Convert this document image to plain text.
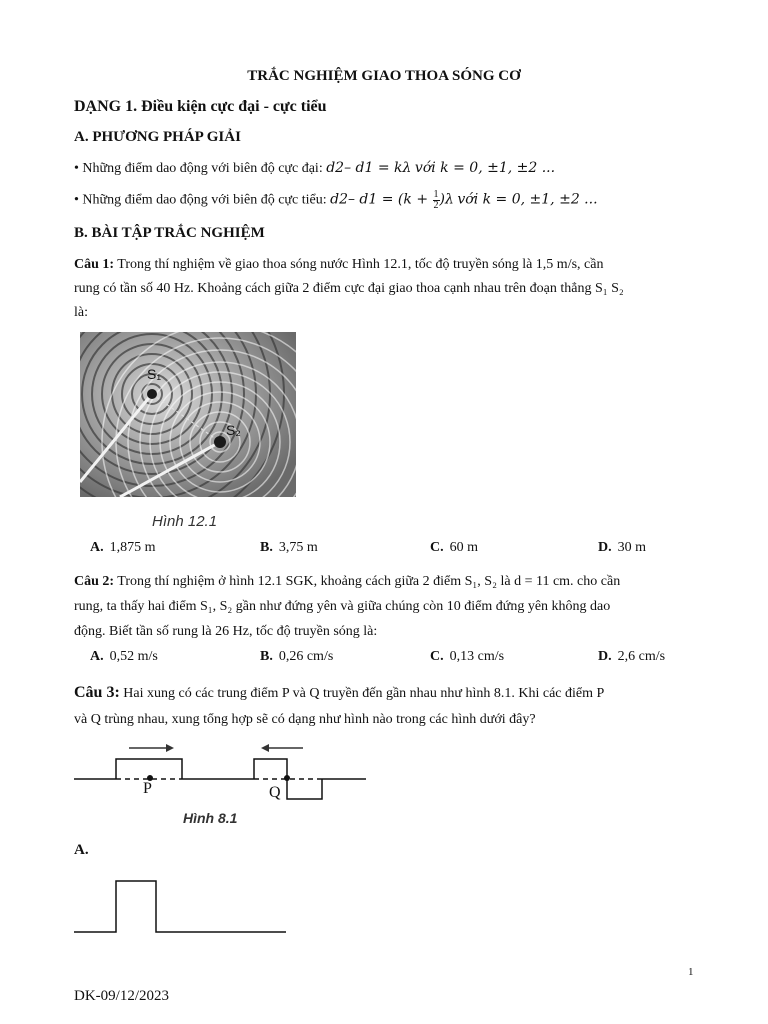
TRẮC NGHIỆM GIAO THOA SÓNG CƠ
DẠNG 1. Điều kiện cực đại - cực tiểu
A. PHƯƠNG PHÁP GIẢI
• Những điểm dao động với biên độ cực đại: d2– d1 = kλ với k = 0, ±1, ±2 ...
• Những điểm dao động với biên độ cực tiểu: d2– $d1 = (k + \frac{1}{2} )\lambda$ với k = 0, ±1, ±2 ...
B. BÀI TẬP TRẮC NGHIỆM
Câu 1: Trong thí nghiệm về giao thoa sóng nước Hình 12.1, tốc độ truyền sóng là 1,5 m/s, cần
rung có tần số 40 Hz. Khoảng cách giữa 2 điểm cực đại giao thoa cạnh nhau trên đoạn thẳng S₁ S₂
là:
S₁
S₂
Hình 12.1
A. 1,875 m	B. 3,75 m	C. 60 m	D. 30 m
Câu 2: Trong thí nghiệm ở hình 12.1 SGK, khoảng cách giữa 2 điểm S₁, S₂ là d = 11 cm. cho cần
rung, ta thấy hai điểm S₁, S₂ gần như đứng yên và giữa chúng còn 10 điểm đứng yên không dao
động. Biết tần số rung là 26 Hz, tốc độ truyền sóng là:
A. 0,52 m/s	B. 0,26 cm/s	C. 0,13 cm/s	D. 2,6 cm/s
Câu 3: Hai xung có các trung điểm P và Q truyền đến gần nhau như hình 8.1. Khi các điểm P
và Q trùng nhau, xung tổng hợp sẽ có dạng như hình nào trong các hình dưới đây?
P	Q
Hình 8.1
A.
1
DK-09/12/2023
